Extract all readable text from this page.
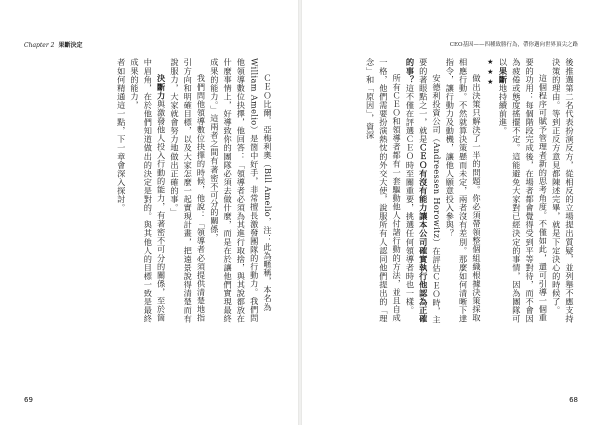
Chapter 2 果斷決定

ＣＥＯ比爾．亞梅利奧（Bill Amelio，注：此為暱稱，本名為William Amelio）是箇中好手，非常擅長激發團隊的行動力。我們問他領導數位抉擇，他回答：「領導者必須為其進行取捨，與其說都放在什麼事情上，好導致你的團隊必須去做什麼，而是在於讓他們實現最終成果的能力。」這兩者之間有著密不可分的關係，

我們問他領導數位抉擇的時候，他說：「領導者必須提供清楚地指引方向和明確目標，以及大家怎麼一起實現計畫，把遠景說得清楚而有說服力，大家就會努力地做出正確的事。」

決斷力與激發他人投入行動的能力，有著密不可分的關係，至於箇中眉角，在於他們知道做出的決定是對的。與其他人的目標一致是最終成果的能力，

者如何精通這一點，下一章會深入探討。

69
CEO基因——四種致勝行為，帶你邁向世界頂尖之路

後推選第二名代表扮演反方，從相反的立場提出質疑，並列舉不應支持決策的理由。等到正反方意見都陳述完畢，就是下定決心的時候了。

這個程序可賦予管理者新的思考角度。不僅如此，還可引導一個重要的功用：每個階段完成後，在場者都會覺得受到平等對待，而不會因為疲倦或態度搖擺不定。這能避免大家對已經決定的事情，因為團隊可以果斷地持續前進。

★★★

做出決策只解決了一半的問題。你必須帶領整個組織根據決策採取相應行動。不然就算決策懸而未定，兩者沒有差別。那麼如何清晰下達指令，讓行動力及動機，讓他人願意投入參與？

安德利投資公司（Andreessen Horowitz）在評估ＣＥＯ時，主要的著眼點之一，就是ＣＥＯ有沒有能力讓本公司確實執行他認為正確的事？這不僅在評選ＣＥＯ時至關重要，挑選任何領導者時也一樣。

所有ＣＥＯ和領導者都有一套驅動他人付諸行動的方法，並且自成一格，他們需要扮演熱忱的外交大使，說服所有人認同他們提出的「理念」和「原因」，資深

68
